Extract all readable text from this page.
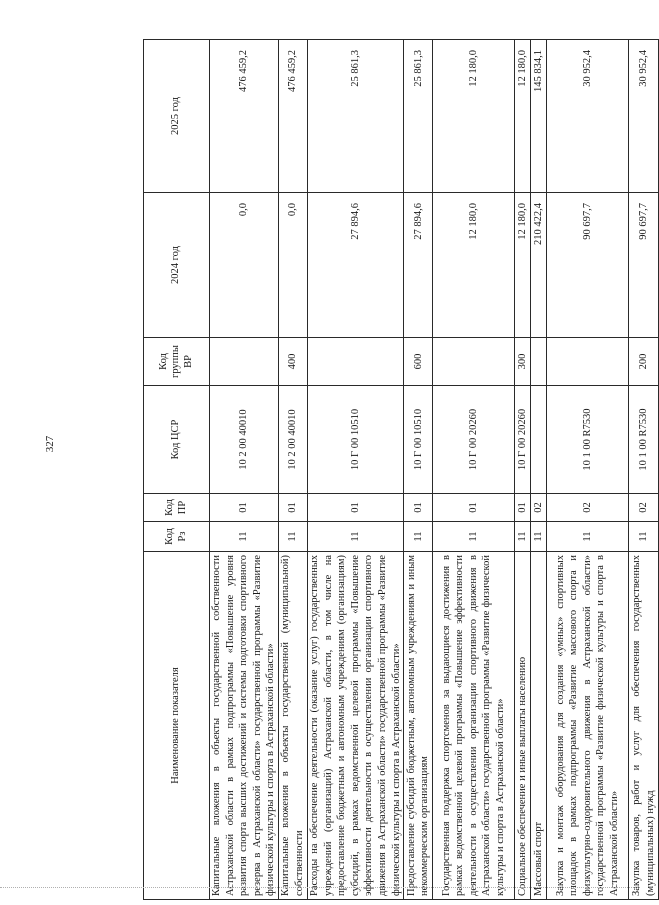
327
Наименование показателя	Код Рз	Код ПР	Код ЦСР	Код группы ВР	2024 год	2025 год
Капитальные вложения в объекты государственной собственности Астраханской области в рамках подпрограммы «Повышение уровня развития спорта высших достижений и системы подготовки спортивного резерва в Астраханской области» государственной программы «Развитие физической культуры и спорта в Астраханской области»	11	01	10 2 00 40010		0,0	476 459,2
Капитальные вложения в объекты государственной (муниципальной) собственности	11	01	10 2 00 40010	400	0,0	476 459,2
Расходы на обеспечение деятельности (оказание услуг) государственных учреждений (организаций) Астраханской области, в том числе на предоставление бюджетным и автономным учреждениям (организациям) субсидий, в рамках ведомственной целевой программы «Повышение эффективности деятельности в осуществлении организации спортивного движения в Астраханской области» государственной программы «Развитие физической культуры и спорта в Астраханской области»	11	01	10 Г 00 10510		27 894,6	25 861,3
Предоставление субсидий бюджетным, автономным учреждениям и иным некоммерческим организациям	11	01	10 Г 00 10510	600	27 894,6	25 861,3
Государственная поддержка спортсменов за выдающиеся достижения в рамках ведомственной целевой программы «Повышение эффективности деятельности в осуществлении организации спортивного движения в Астраханской области» государственной программы «Развитие физической культуры и спорта в Астраханской области»	11	01	10 Г 00 20260		12 180,0	12 180,0
Социальное обеспечение и иные выплаты населению	11	01	10 Г 00 20260	300	12 180,0	12 180,0
Массовый спорт	11	02			210 422,4	145 834,1
Закупка и монтаж оборудования для создания «умных» спортивных площадок в рамках подпрограммы «Развитие массового спорта и физкультурно-оздоровительного движения в Астраханской области» государственной программы «Развитие физической культуры и спорта в Астраханской области»	11	02	10 1 00 R7530		90 697,7	30 952,4
Закупка товаров, работ и услуг для обеспечения государственных (муниципальных) нужд	11	02	10 1 00 R7530	200	90 697,7	30 952,4
